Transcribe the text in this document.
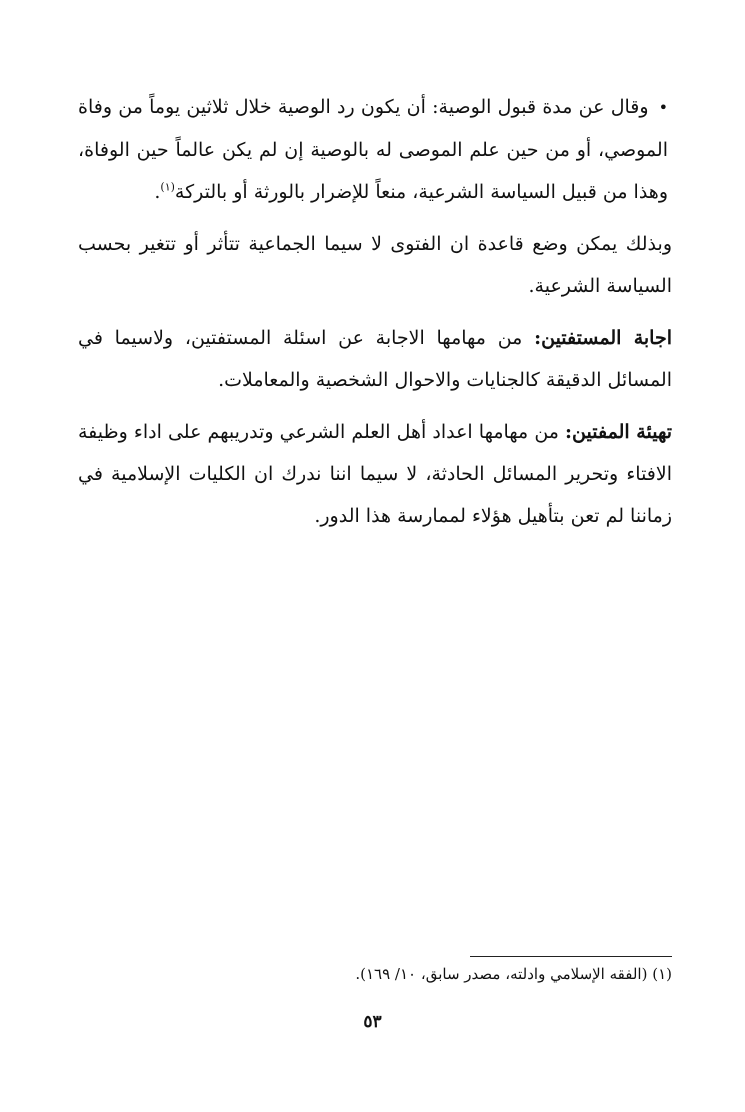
•وقال عن مدة قبول الوصية: أن يكون رد الوصية خلال ثلاثين يوماً من وفاة الموصي، أو من حين علم الموصى له بالوصية إن لم يكن عالماً حين الوفاة، وهذا من قبيل السياسة الشرعية، منعاً للإضرار بالورثة أو بالتركة$^{(١)}$.

وبذلك يمكن وضع قاعدة ان الفتوى لا سيما الجماعية تتأثر أو تتغير بحسب السياسة الشرعية.

اجابة المستفتين: من مهامها الاجابة عن اسئلة المستفتين، ولاسيما في المسائل الدقيقة كالجنايات والاحوال الشخصية والمعاملات.

تهيئة المفتين: من مهامها اعداد أهل العلم الشرعي وتدريبهم على اداء وظيفة الافتاء وتحرير المسائل الحادثة، لا سيما اننا ندرك ان الكليات الإسلامية في زماننا لم تعن بتأهيل هؤلاء لممارسة هذا الدور.

(١) (الفقه الإسلامي وادلته، مصدر سابق، ١٠/ ١٦٩).
٥٣
